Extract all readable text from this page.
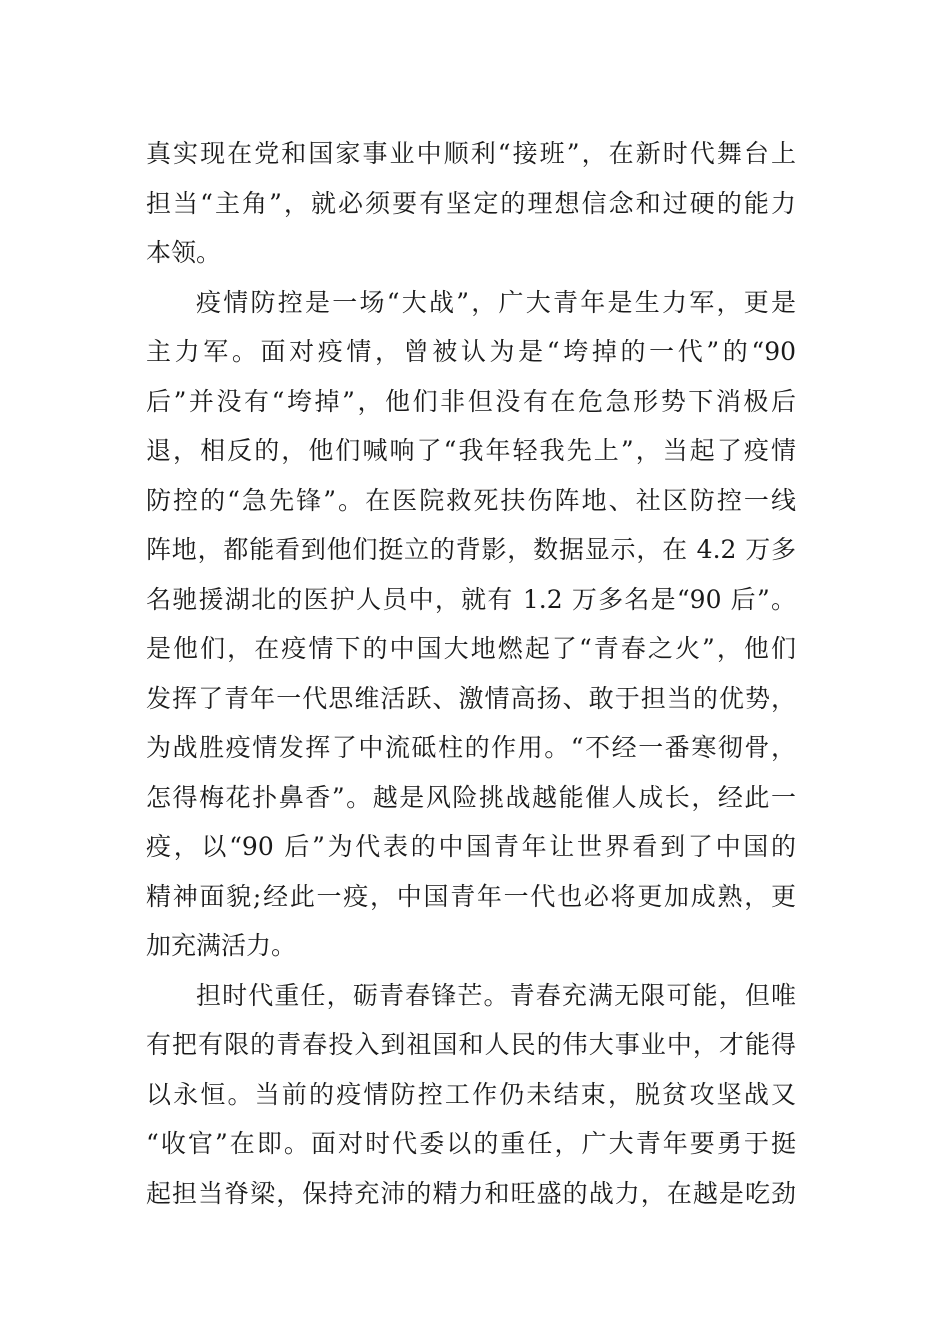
真实现在党和国家事业中顺利“接班”，在新时代舞台上
担当“主角”，就必须要有坚定的理想信念和过硬的能力
本领。
疫情防控是一场“大战”，广大青年是生力军，更是
主力军。面对疫情，曾被认为是“垮掉的一代”的“90
后”并没有“垮掉”，他们非但没有在危急形势下消极后
退，相反的，他们喊响了“我年轻我先上”，当起了疫情
防控的“急先锋”。在医院救死扶伤阵地、社区防控一线
阵地，都能看到他们挺立的背影，数据显示，在 4.2 万多
名驰援湖北的医护人员中，就有 1.2 万多名是“90 后”。
是他们，在疫情下的中国大地燃起了“青春之火”，他们
发挥了青年一代思维活跃、激情高扬、敢于担当的优势，
为战胜疫情发挥了中流砥柱的作用。“不经一番寒彻骨，
怎得梅花扑鼻香”。越是风险挑战越能催人成长，经此一
疫，以“90 后”为代表的中国青年让世界看到了中国的
精神面貌;经此一疫，中国青年一代也必将更加成熟，更
加充满活力。
担时代重任，砺青春锋芒。青春充满无限可能，但唯
有把有限的青春投入到祖国和人民的伟大事业中，才能得
以永恒。当前的疫情防控工作仍未结束，脱贫攻坚战又
“收官”在即。面对时代委以的重任，广大青年要勇于挺
起担当脊梁，保持充沛的精力和旺盛的战力，在越是吃劲
